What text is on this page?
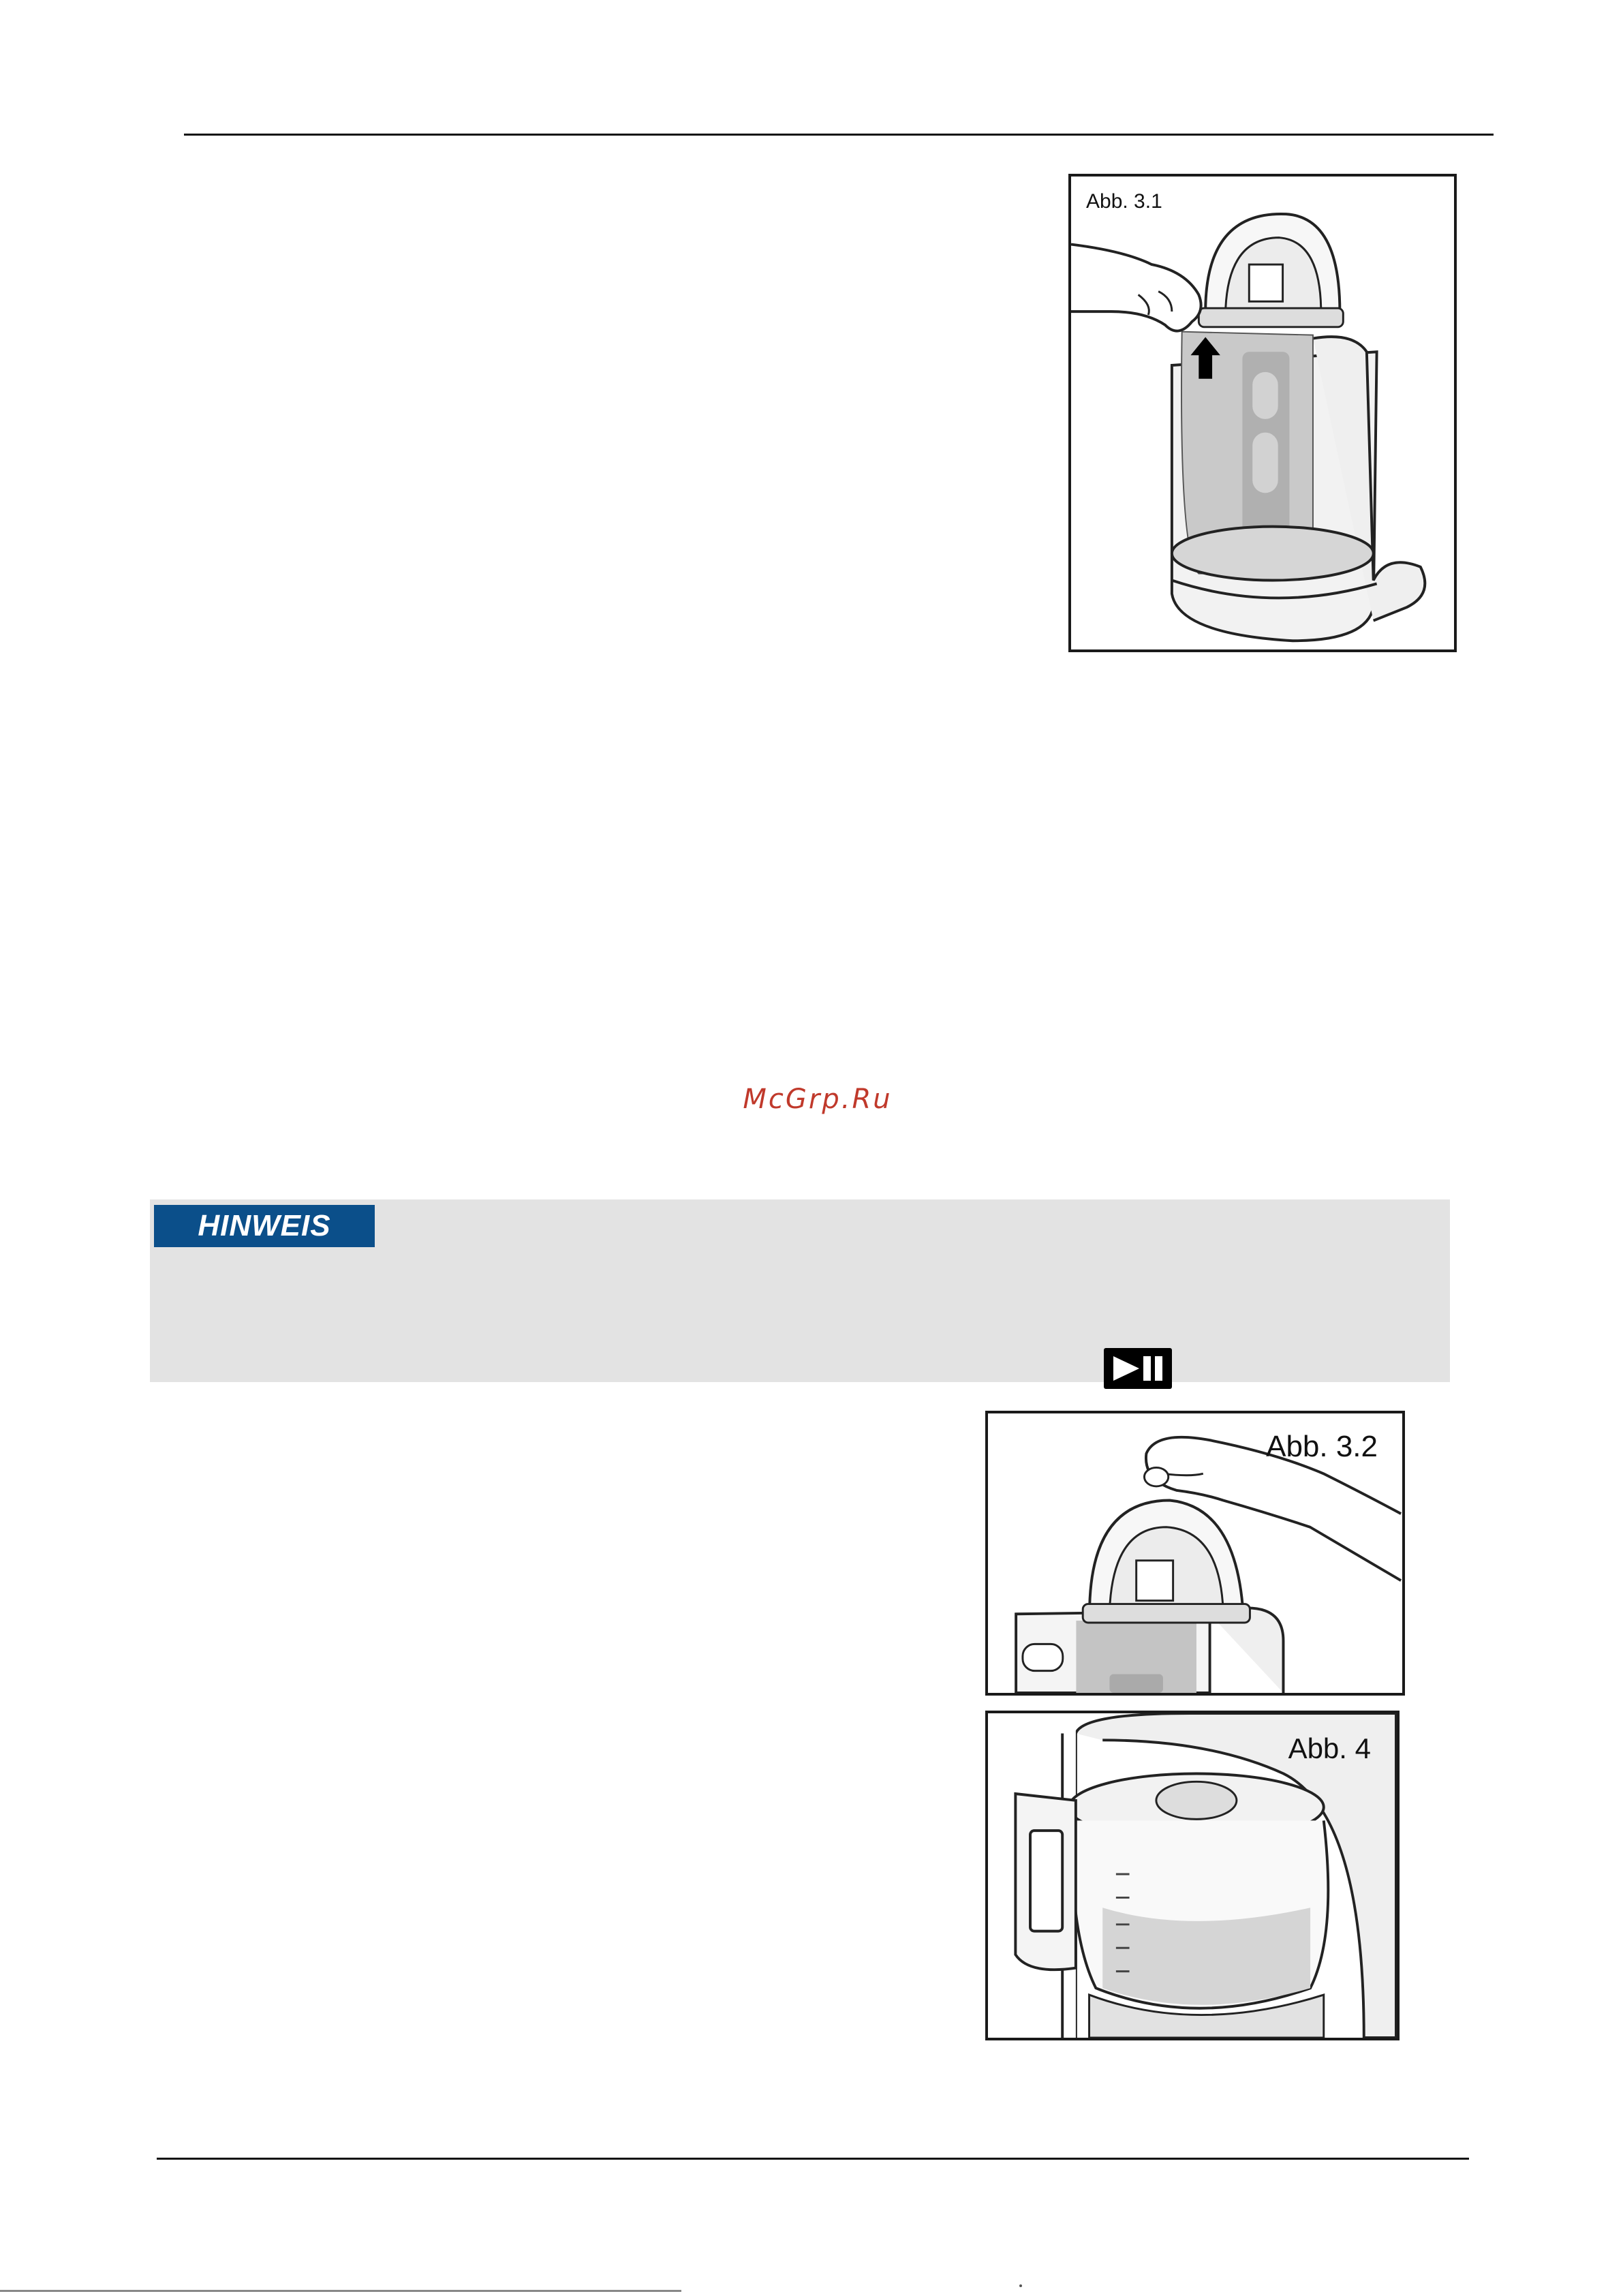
Abb. 3.1
McGrp.Ru
HINWEIS
Abb. 3.2
Abb. 4
